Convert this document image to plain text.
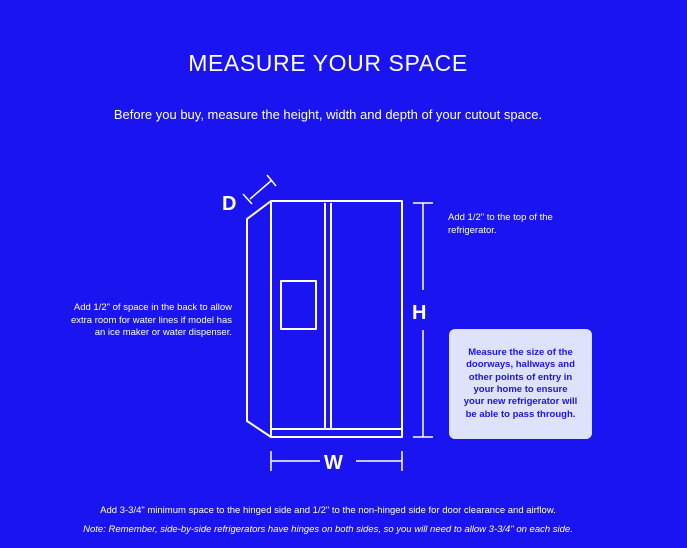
MEASURE YOUR SPACE
Before you buy, measure the height, width and depth of your cutout space.
D
H
W
Add 1/2" of space in the back to allow extra room for water lines if model has an ice maker or water dispenser.
Add 1/2" to the top of the refrigerator.
Measure the size of the doorways, hallways and other points of entry in your home to ensure your new refrigerator will be able to pass through.
Add 3-3/4" minimum space to the hinged side and 1/2" to the non-hinged side for door clearance and airflow.
Note: Remember, side-by-side refrigerators have hinges on both sides, so you will need to allow 3-3/4" on each side.
